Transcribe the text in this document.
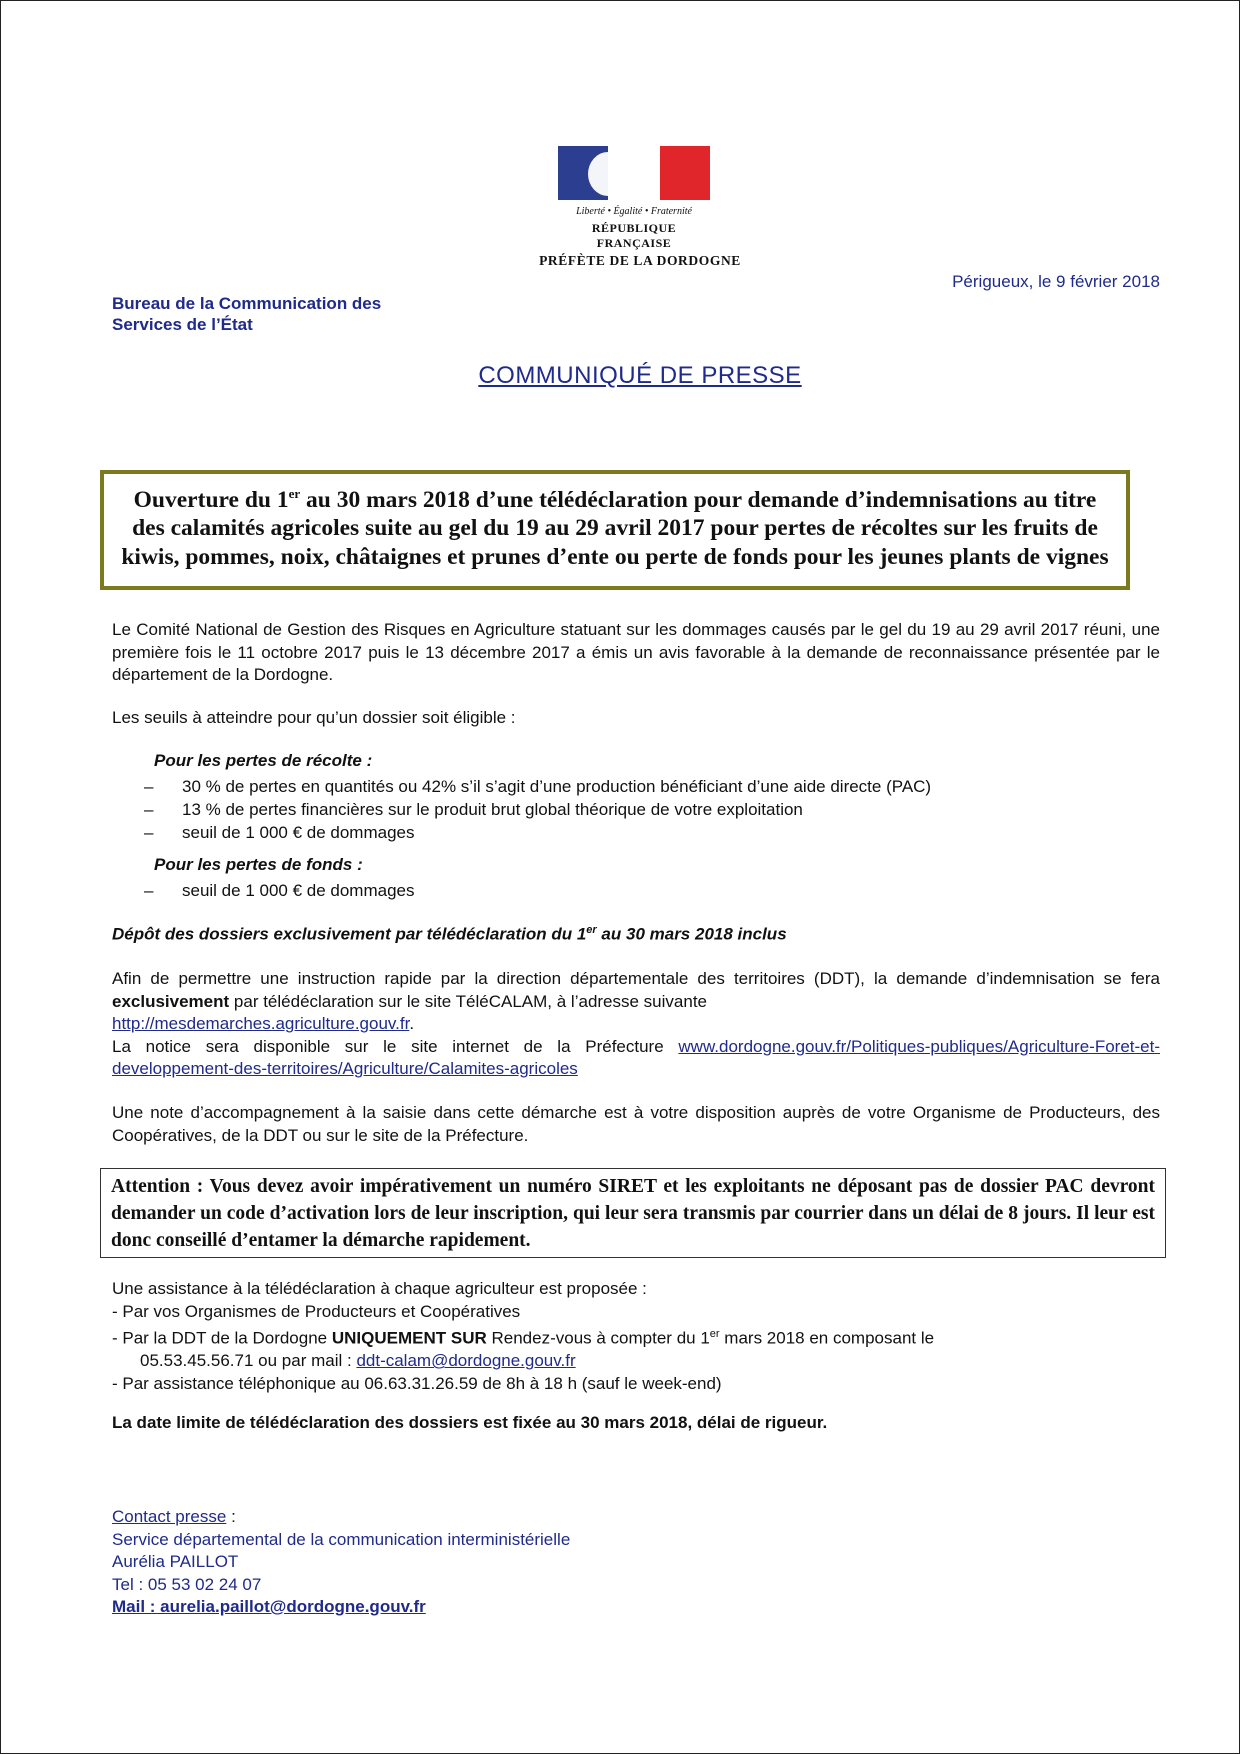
Liberté • Égalité • Fraternité
RÉPUBLIQUE FRANÇAISE
PRÉFÈTE DE LA DORDOGNE
Périgueux, le 9 février 2018
Bureau de la Communication des
Services de l’État
COMMUNIQUÉ DE PRESSE
Ouverture du 1er au 30 mars 2018 d’une télédéclaration pour demande d’indemnisations au titre des calamités agricoles suite au gel du 19 au 29 avril 2017 pour pertes de récoltes sur les fruits de kiwis, pommes, noix, châtaignes et prunes d’ente ou perte de fonds pour les jeunes plants de vignes
Le Comité National de Gestion des Risques en Agriculture statuant sur les dommages causés par le gel du 19 au 29 avril 2017 réuni, une première fois le 11 octobre 2017 puis le 13 décembre 2017 a émis un avis favorable à la demande de reconnaissance présentée par le département de la Dordogne.
Les seuils à atteindre pour qu’un dossier soit éligible :
Pour les pertes de récolte :
–	30 % de pertes en quantités ou 42% s’il s’agit d’une production bénéficiant d’une aide directe (PAC)
–	13 % de pertes financières sur le produit brut global théorique de votre exploitation
–	seuil de 1 000 € de dommages
Pour les pertes de fonds :
–	seuil de 1 000 € de dommages
Dépôt des dossiers exclusivement par télédéclaration du 1er au 30 mars 2018 inclus
Afin de permettre une instruction rapide par la direction départementale des territoires (DDT), la demande d’indemnisation se fera exclusivement par télédéclaration sur le site TéléCALAM, à l’adresse suivante
http://mesdemarches.agriculture.gouv.fr.
La notice sera disponible sur le site internet de la Préfecture www.dordogne.gouv.fr/Politiques-publiques/Agriculture-Foret-et-developpement-des-territoires/Agriculture/Calamites-agricoles
Une note d’accompagnement à la saisie dans cette démarche est à votre disposition auprès de votre Organisme de Producteurs, des Coopératives, de la DDT ou sur le site de la Préfecture.
Attention : Vous devez avoir impérativement un numéro SIRET et les exploitants ne déposant pas de dossier PAC devront demander un code d’activation lors de leur inscription, qui leur sera transmis par courrier dans un délai de 8 jours. Il leur est donc conseillé d’entamer la démarche rapidement.
Une assistance à la télédéclaration à chaque agriculteur est proposée :
- Par vos Organismes de Producteurs et Coopératives
- Par la DDT de la Dordogne UNIQUEMENT SUR Rendez-vous à compter du 1er mars 2018 en composant le
05.53.45.56.71 ou par mail : ddt-calam@dordogne.gouv.fr
- Par assistance téléphonique au 06.63.31.26.59 de 8h à 18 h (sauf le week-end)
La date limite de télédéclaration des dossiers est fixée au 30 mars 2018, délai de rigueur.
Contact presse :
Service départemental de la communication interministérielle
Aurélia PAILLOT
Tel : 05 53 02 24 07
Mail : aurelia.paillot@dordogne.gouv.fr
